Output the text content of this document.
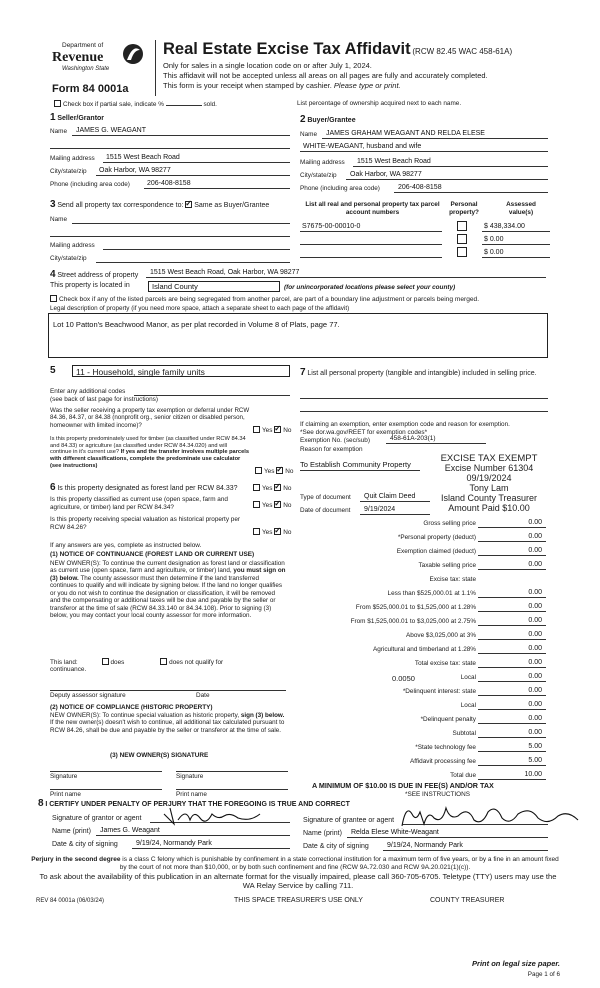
Department of
Revenue
Washington State
Form 84 0001a
Real Estate Excise Tax Affidavit (RCW 82.45 WAC 458-61A)
Only for sales in a single location code on or after July 1, 2024.
This affidavit will not be accepted unless all areas on all pages are fully and accurately completed.
This form is your receipt when stamped by cashier. Please type or print.
Check box if partial sale, indicate %	sold.	List percentage of ownership acquired next to each name.
1 Seller/Grantor
Name JAMES G. WEAGANT
Mailing address 1515 West Beach Road
City/state/zip Oak Harbor, WA 98277
Phone (including area code) 206-408-8158
2 Buyer/Grantee
Name JAMES GRAHAM WEAGANT AND RELDA ELESE
WHITE-WEAGANT, husband and wife
Mailing address 1515 West Beach Road
City/state/zip Oak Harbor, WA 98277
Phone (including area code)	206-408-8158
3 Send all property tax correspondence to: ✓ Same as Buyer/Grantee
Name
Mailing address
City/state/zip
List all real and personal property tax parcel account numbers
Personal property?
Assessed value(s)
S7675-00-00010-0	$ 438,334.00
$ 0.00
$ 0.00
4 Street address of property 1515 West Beach Road, Oak Harbor, WA 98277
This property is located in	Island County	(for unincorporated locations please select your county)
Check box if any of the listed parcels are being segregated from another parcel, are part of a boundary line adjustment or parcels being merged.
Legal description of property (if you need more space, attach a separate sheet to each page of the affidavit)
Lot 10 Patton's Beachwood Manor, as per plat recorded in Volume 8 of Plats, page 77.
5 11 - Household, single family units
Enter any additional codes
(see back of last page for instructions)
Was the seller receiving a property tax exemption or deferral under RCW 84.36, 84.37, or 84.38 (nonprofit org., senior citizen or disabled person, homeowner with limited income)?
Yes ✓ No
Is this property predominately used for timber (as classified under RCW 84.34 and 84.33) or agriculture (as classified under RCW 84.34.020) and will continue in it's current use? If yes and the transfer involves multiple parcels with different classifications, complete the predominate use calculator (see instructions)
Yes ✓ No
6 Is this property designated as forest land per RCW 84.33?	Yes ✓ No
Is this property classified as current use (open space, farm and agriculture, or timber) land per RCW 84.34?	Yes ✓ No
Is this property receiving special valuation as historical property per RCW 84.26?
Yes ✓ No
If any answers are yes, complete as instructed below.
(1) NOTICE OF CONTINUANCE (FOREST LAND OR CURRENT USE)
NEW OWNER(S): To continue the current designation as forest land or classification as current use (open space, farm and agriculture, or timber) land, you must sign on (3) below. The county assessor must then determine if the land transferred continues to qualify and will indicate by signing below. If the land no longer qualifies or you do not wish to continue the designation or classification, it will be removed and the compensating or additional taxes will be due and payable by the seller or transferor at the time of sale (RCW 84.33.140 or 84.34.108). Prior to signing (3) below, you may contact your local county assessor for more information.
This land:	does	does not qualify for
continuance.
Deputy assessor signature	Date
(2) NOTICE OF COMPLIANCE (HISTORIC PROPERTY)
NEW OWNER(S): To continue special valuation as historic property, sign (3) below. If the new owner(s) doesn't wish to continue, all additional tax calculated pursuant to RCW 84.26, shall be due and payable by the seller or transferor at the time of sale.
(3) NEW OWNER(S) SIGNATURE
Signature	Signature
Print name	Print name
7 List all personal property (tangible and intangible) included in selling price.
If claiming an exemption, enter exemption code and reason for exemption. *See dor.wa.gov/REET for exemption codes*
Exemption No. (sec/sub)	458-61A-203(1)
Reason for exemption
To Establish Community Property
Type of document Quit Claim Deed
Date of document 9/19/2024
EXCISE TAX EXEMPT
Excise Number 61304
09/19/2024
Tony Lam
Island County Treasurer
Amount Paid $10.00
Gross selling price	0.00
*Personal property (deduct)	0.00
Exemption claimed (deduct)	0.00
Taxable selling price	0.00
Excise tax: state
Less than $525,000.01 at 1.1%	0.00
From $525,000.01 to $1,525,000 at 1.28%	0.00
From $1,525,000.01 to $3,025,000 at 2.75%	0.00
Above $3,025,000 at 3%	0.00
Agricultural and timberland at 1.28%	0.00
Total excise tax: state	0.00
Local	0.00
*Delinquent interest: state	0.00
Local	0.00
*Delinquent penalty	0.00
Subtotal	0.00
*State technology fee	5.00
Affidavit processing fee	5.00
Total due	10.00
0.0050
A MINIMUM OF $10.00 IS DUE IN FEE(S) AND/OR TAX
*SEE INSTRUCTIONS
8 I CERTIFY UNDER PENALTY OF PERJURY THAT THE FOREGOING IS TRUE AND CORRECT
Signature of grantor or agent
Name (print) James G. Weagant
Date & city of signing	9/19/24, Normandy Park
Signature of grantee or agent
Name (print) Relda Elese White-Weagant
Date & city of signing	9/19/24, Normandy Park
Perjury in the second degree is a class C felony which is punishable by confinement in a state correctional institution for a maximum term of five years, or by a fine in an amount fixed by the court of not more than $10,000, or by both such confinement and fine (RCW 9A.72.030 and RCW 9A.20.021(1)(c)).
To ask about the availability of this publication in an alternate format for the visually impaired, please call 360-705-6705. Teletype (TTY) users may use the WA Relay Service by calling 711.
REV 84 0001a (06/03/24)	THIS SPACE TREASURER'S USE ONLY	COUNTY TREASURER
Print on legal size paper.
Page 1 of 6
